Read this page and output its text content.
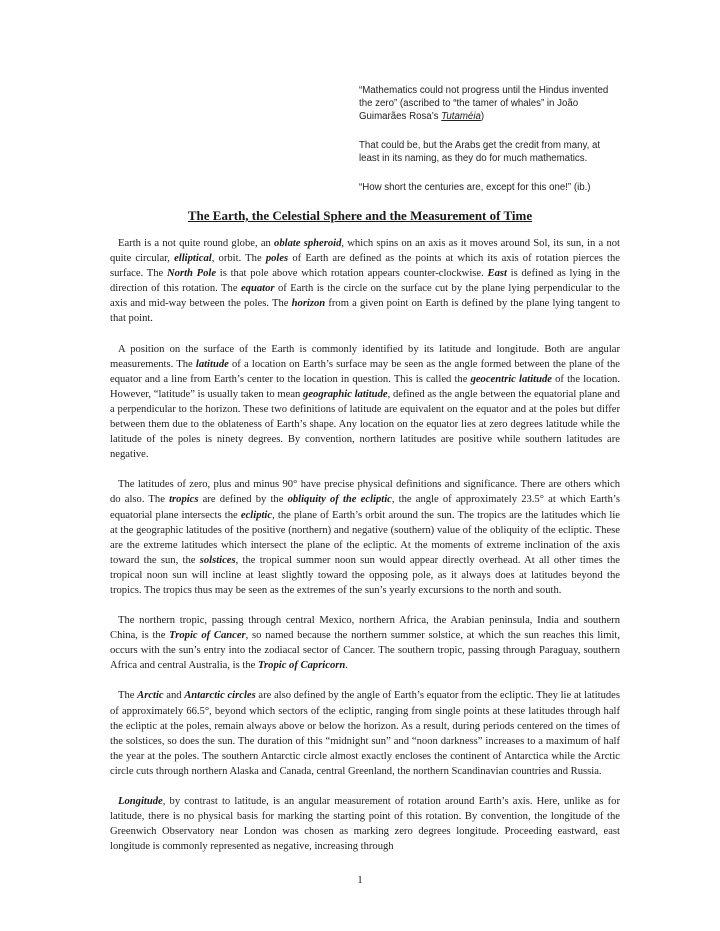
“Mathematics could not progress until the Hindus invented the zero” (ascribed to “the tamer of whales” in João Guimarães Rosa’s Tutaméia)

That could be, but the Arabs get the credit from many, at least in its naming, as they do for much mathematics.

“How short the centuries are, except for this one!” (ib.)

The Earth, the Celestial Sphere and the Measurement of Time

Earth is a not quite round globe, an oblate spheroid, which spins on an axis as it moves around Sol, its sun, in a not quite circular, elliptical, orbit. The poles of Earth are defined as the points at which its axis of rotation pierces the surface. The North Pole is that pole above which rotation appears counter-clockwise. East is defined as lying in the direction of this rotation. The equator of Earth is the circle on the surface cut by the plane lying perpendicular to the axis and mid-way between the poles. The horizon from a given point on Earth is defined by the plane lying tangent to that point.

A position on the surface of the Earth is commonly identified by its latitude and longitude. Both are angular measurements. The latitude of a location on Earth’s surface may be seen as the angle formed between the plane of the equator and a line from Earth’s center to the location in question. This is called the geocentric latitude of the location. However, “latitude” is usually taken to mean geographic latitude, defined as the angle between the equatorial plane and a perpendicular to the horizon. These two definitions of latitude are equivalent on the equator and at the poles but differ between them due to the oblateness of Earth’s shape. Any location on the equator lies at zero degrees latitude while the latitude of the poles is ninety degrees. By convention, northern latitudes are positive while southern latitudes are negative.

The latitudes of zero, plus and minus 90° have precise physical definitions and significance. There are others which do also. The tropics are defined by the obliquity of the ecliptic, the angle of approximately 23.5° at which Earth’s equatorial plane intersects the ecliptic, the plane of Earth’s orbit around the sun. The tropics are the latitudes which lie at the geographic latitudes of the positive (northern) and negative (southern) value of the obliquity of the ecliptic. These are the extreme latitudes which intersect the plane of the ecliptic. At the moments of extreme inclination of the axis toward the sun, the solstices, the tropical summer noon sun would appear directly overhead. At all other times the tropical noon sun will incline at least slightly toward the opposing pole, as it always does at latitudes beyond the tropics. The tropics thus may be seen as the extremes of the sun’s yearly excursions to the north and south.

The northern tropic, passing through central Mexico, northern Africa, the Arabian peninsula, India and southern China, is the Tropic of Cancer, so named because the northern summer solstice, at which the sun reaches this limit, occurs with the sun’s entry into the zodiacal sector of Cancer. The southern tropic, passing through Paraguay, southern Africa and central Australia, is the Tropic of Capricorn.

The Arctic and Antarctic circles are also defined by the angle of Earth’s equator from the ecliptic. They lie at latitudes of approximately 66.5°, beyond which sectors of the ecliptic, ranging from single points at these latitudes through half the ecliptic at the poles, remain always above or below the horizon. As a result, during periods centered on the times of the solstices, so does the sun. The duration of this “midnight sun” and “noon darkness” increases to a maximum of half the year at the poles. The southern Antarctic circle almost exactly encloses the continent of Antarctica while the Arctic circle cuts through northern Alaska and Canada, central Greenland, the northern Scandinavian countries and Russia.

Longitude, by contrast to latitude, is an angular measurement of rotation around Earth’s axis. Here, unlike as for latitude, there is no physical basis for marking the starting point of this rotation. By convention, the longitude of the Greenwich Observatory near London was chosen as marking zero degrees longitude. Proceeding eastward, east longitude is commonly represented as negative, increasing through

1
